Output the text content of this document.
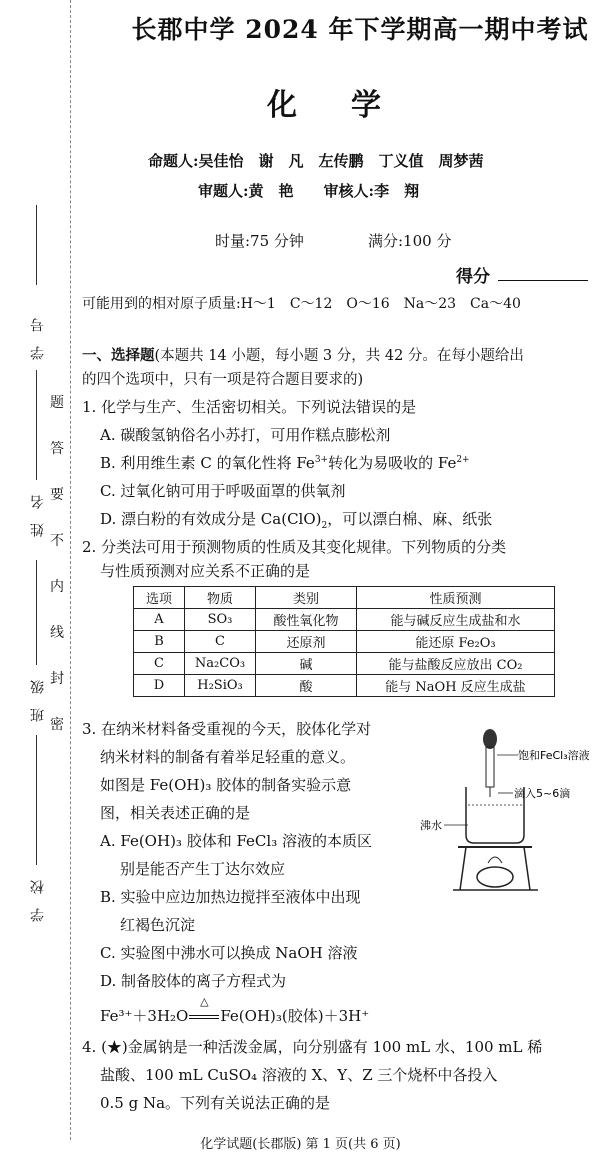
学　号
姓　名
班　级
学　校
题
答
要
不
内
线
封
密
长郡中学 2024 年下学期高一期中考试
化　学
命题人:吴佳怡　谢　凡　左传鹏　丁义值　周梦茜
审题人:黄　艳　　审核人:李　翔
时量:75 分钟	满分:100 分
得分
可能用到的相对原子质量:H～1　C～12　O～16　Na～23　Ca～40
一、选择题(本题共 14 小题，每小题 3 分，共 42 分。在每小题给出
的四个选项中，只有一项是符合题目要求的)
1. 化学与生产、生活密切相关。下列说法错误的是
A. 碳酸氢钠俗名小苏打，可用作糕点膨松剂
B. 利用维生素 C 的氧化性将 $Fe^{3+}$转化为易吸收的 $Fe^{2+}$
C. 过氧化钠可用于呼吸面罩的供氧剂
D. 漂白粉的有效成分是 $Ca(ClO)_2$，可以漂白棉、麻、纸张
2. 分类法可用于预测物质的性质及其变化规律。下列物质的分类
与性质预测对应关系不正确的是
选项	物质	类别	性质预测
A	SO₃	酸性氧化物	能与碱反应生成盐和水
B	C	还原剂	能还原 Fe₂O₃
C	Na₂CO₃	碱	能与盐酸反应放出 CO₂
D	H₂SiO₃	酸	能与 NaOH 反应生成盐
3. 在纳米材料备受重视的今天，胶体化学对
纳米材料的制备有着举足轻重的意义。
如图是 Fe(OH)₃ 胶体的制备实验示意
图，相关表述正确的是
A. Fe(OH)₃ 胶体和 FeCl₃ 溶液的本质区
别是能否产生丁达尔效应
B. 实验中应边加热边搅拌至液体中出现
红褐色沉淀
C. 实验图中沸水可以换成 NaOH 溶液
D. 制备胶体的离子方程式为
Fe³⁺＋3H₂O
△
Fe(OH)₃(胶体)＋3H⁺
饱和FeCl₃溶液
滴入5~6滴
沸水
4. (★)金属钠是一种活泼金属，向分别盛有 100 mL 水、100 mL 稀
盐酸、100 mL CuSO₄ 溶液的 X、Y、Z 三个烧杯中各投入
0.5 g Na。下列有关说法正确的是
化学试题(长郡版) 第 1 页(共 6 页)
